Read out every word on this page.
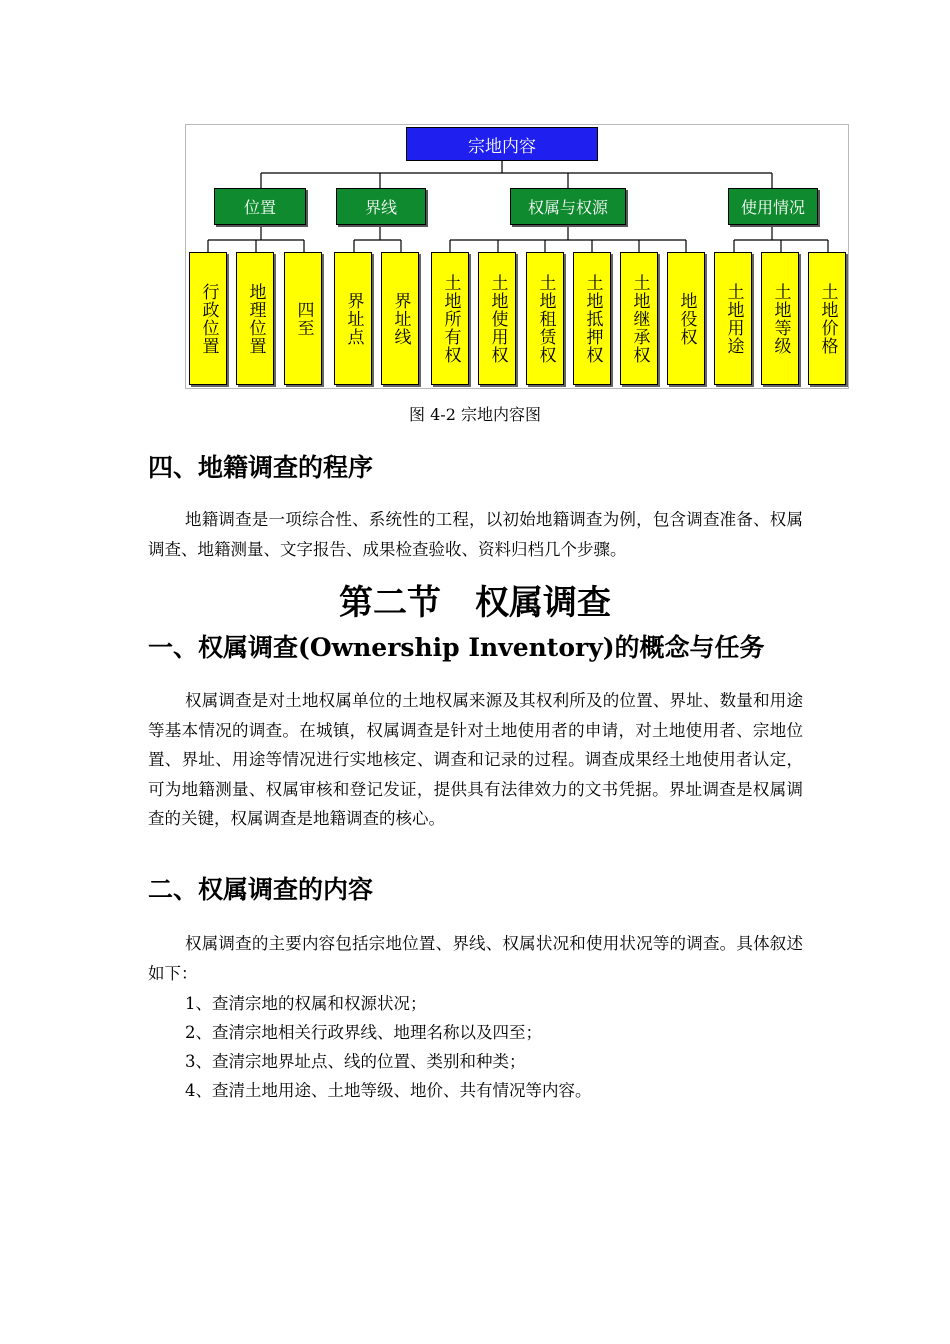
宗地内容
位置	界线	权属与权源	使用情况
行政位置	地理位置	四至	界址点	界址线	土地所有权	土地使用权	土地租赁权	土地抵押权	土地继承权	地役权	土地用途	土地等级	土地价格
图 4-2 宗地内容图
四、地籍调查的程序
地籍调查是一项综合性、系统性的工程，以初始地籍调查为例，包含调查准备、权属调查、地籍测量、文字报告、成果检查验收、资料归档几个步骤。
第二节　权属调查
一、权属调查(Ownership Inventory)的概念与任务
权属调查是对土地权属单位的土地权属来源及其权利所及的位置、界址、数量和用途等基本情况的调查。在城镇，权属调查是针对土地使用者的申请，对土地使用者、宗地位置、界址、用途等情况进行实地核定、调查和记录的过程。调查成果经土地使用者认定，可为地籍测量、权属审核和登记发证，提供具有法律效力的文书凭据。界址调查是权属调查的关键，权属调查是地籍调查的核心。
二、权属调查的内容
权属调查的主要内容包括宗地位置、界线、权属状况和使用状况等的调查。具体叙述如下：
1、查清宗地的权属和权源状况；
2、查清宗地相关行政界线、地理名称以及四至；
3、查清宗地界址点、线的位置、类别和种类；
4、查清土地用途、土地等级、地价、共有情况等内容。
